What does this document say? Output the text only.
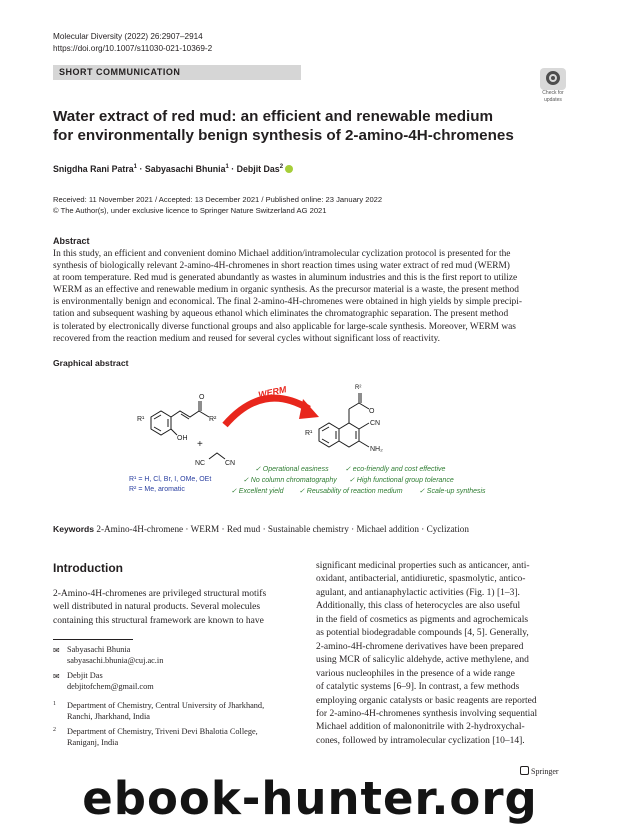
Molecular Diversity (2022) 26:2907–2914
https://doi.org/10.1007/s11030-021-10369-2
SHORT COMMUNICATION
Check for
updates
Water extract of red mud: an efficient and renewable medium
for environmentally benign synthesis of 2-amino-4H-chromenes
Snigdha Rani Patra$^1$ · Sabyasachi Bhunia$^1$ · Debjit Das$^2$
Received: 11 November 2021 / Accepted: 13 December 2021 / Published online: 23 January 2022
© The Author(s), under exclusive licence to Springer Nature Switzerland AG 2021
Abstract
In this study, an efficient and convenient domino Michael addition/intramolecular cyclization protocol is presented for the
synthesis of biologically relevant 2-amino-4H-chromenes in short reaction times using water extract of red mud (WERM)
at room temperature. Red mud is generated abundantly as wastes in aluminum industries and this is the first report to utilize
WERM as an effective and renewable medium in organic synthesis. As the precursor material is a waste, the present method
is environmentally benign and economical. The final 2-amino-4H-chromenes were obtained in high yields by simple precipi-
tation and subsequent washing by aqueous ethanol which eliminates the chromatographic separation. The present method
is tolerated by electronically diverse functional groups and also applicable for large-scale synthesis. Moreover, WERM was
recovered from the reaction medium and reused for several cycles without significant loss of reactivity.
Graphical abstract
O
R²
R¹
OH
+
NC	CN
WERM	R²
O
CN
NH₂
R¹
R¹ = H, Cl, Br, I, OMe, OEt
R² = Me, aromatic
✓ Operational easiness ✓ eco-friendly and cost effective
✓ No column chromatography ✓ High functional group tolerance
✓ Excellent yield ✓ Reusability of reaction medium ✓ Scale-up synthesis
Keywords 2-Amino-4H-chromene · WERM · Red mud · Sustainable chemistry · Michael addition · Cyclization
Introduction
2-Amino-4H-chromenes are privileged structural motifs
well distributed in natural products. Several molecules
containing this structural framework are known to have
✉ Sabyasachi Bhunia
sabyasachi.bhunia@cuj.ac.in
✉ Debjit Das
debjitofchem@gmail.com
1 Department of Chemistry, Central University of Jharkhand,
Ranchi, Jharkhand, India
2 Department of Chemistry, Triveni Devi Bhalotia College,
Raniganj, India
significant medicinal properties such as anticancer, anti-
oxidant, antibacterial, antidiuretic, spasmolytic, antico-
agulant, and antianaphylactic activities (Fig. 1) [1–3].
Additionally, this class of heterocycles are also useful
in the field of cosmetics as pigments and agrochemicals
as potential biodegradable compounds [4, 5]. Generally,
2-amino-4H-chromene derivatives have been prepared
using MCR of salicylic aldehyde, active methylene, and
various nucleophiles in the presence of a wide range
of catalytic systems [6–9]. In contrast, a few methods
employing organic catalysts or basic reagents are reported
for 2-amino-4H-chromenes synthesis involving sequential
Michael addition of malononitrile with 2-hydroxychal-
cones, followed by intramolecular cyclization [10–14].
Springer
ebook-hunter.org
